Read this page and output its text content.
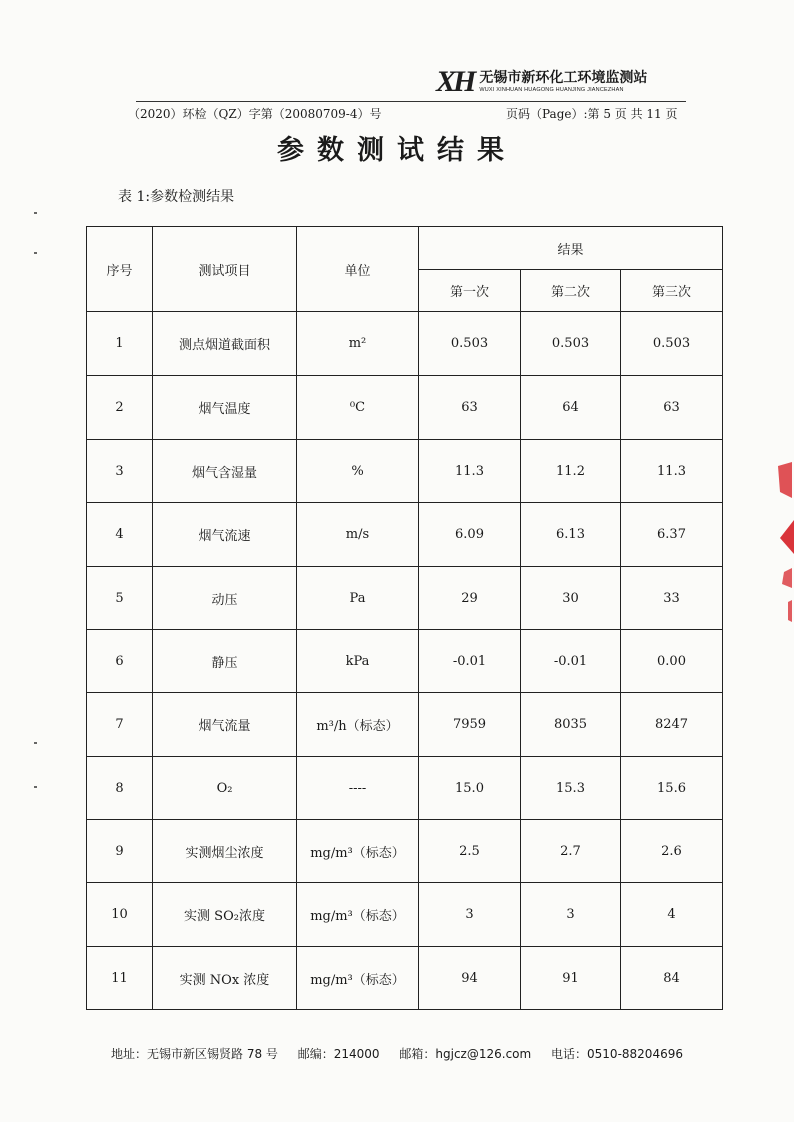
XH 无锡市新环化工环境监测站
WUXI XINHUAN HUAGONG HUANJING JIANCEZHAN
（2020）环检（QZ）字第（20080709-4）号	页码（Page）:第 5 页 共 11 页
参数测试结果
表 1:参数检测结果
序号	测试项目	单位	结果		
			第一次	第二次	第三次
1	测点烟道截面积	m²	0.503	0.503	0.503
2	烟气温度	⁰C	63	64	63
3	烟气含湿量	%	11.3	11.2	11.3
4	烟气流速	m/s	6.09	6.13	6.37
5	动压	Pa	29	30	33
6	静压	kPa	-0.01	-0.01	0.00
7	烟气流量	m³/h（标态）	7959	8035	8247
8	O₂	----	15.0	15.3	15.6
9	实测烟尘浓度	mg/m³（标态）	2.5	2.7	2.6
10	实测 SO₂浓度	mg/m³（标态）	3	3	4
11	实测 NOx 浓度	mg/m³（标态）	94	91	84
地址：无锡市新区锡贤路 78 号 邮编：214000 邮箱：hgjcz@126.com 电话：0510-88204696
